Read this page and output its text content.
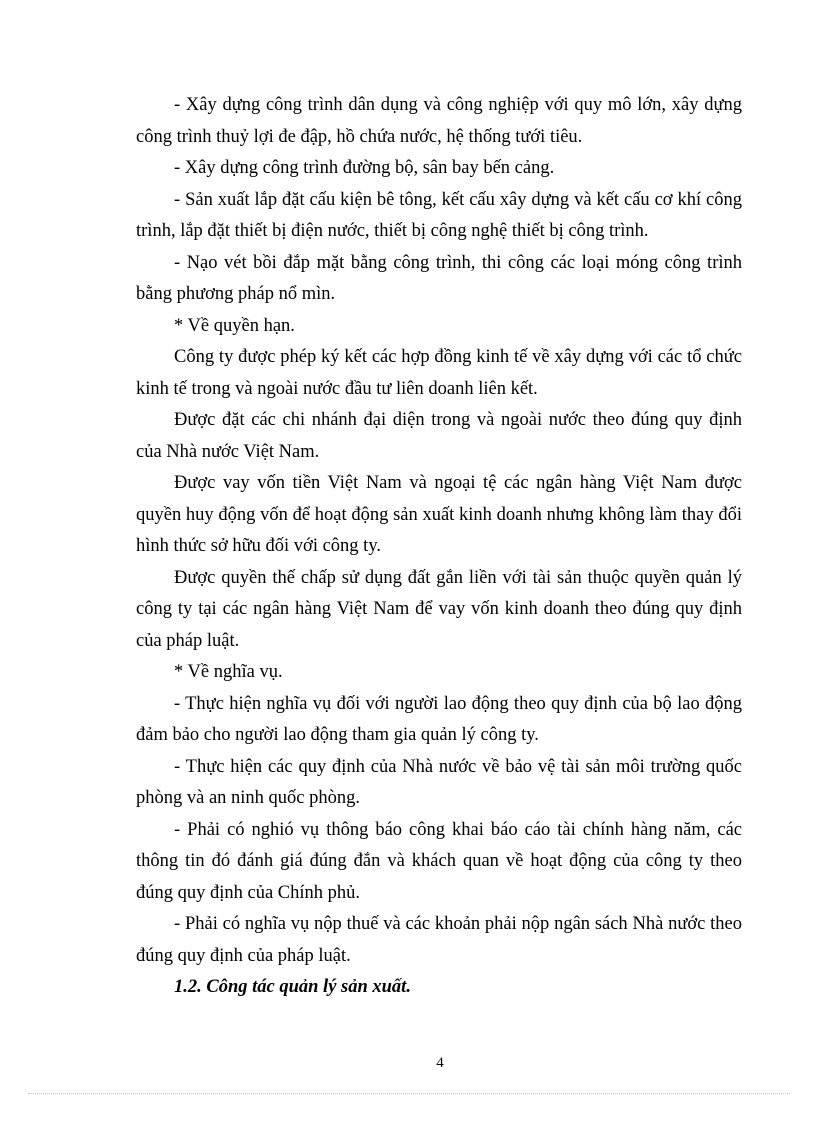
- Xây dựng công trình dân dụng và công nghiệp với quy mô lớn, xây dựng công trình thuỷ lợi đe đập, hồ chứa nước, hệ thống tưới tiêu.

- Xây dựng công trình đường bộ, sân bay bến cảng.

- Sản xuất lắp đặt cấu kiện bê tông, kết cấu xây dựng và kết cấu cơ khí công trình, lắp đặt thiết bị điện nước, thiết bị công nghệ thiết bị công trình.

- Nạo vét bồi đắp mặt bằng công trình, thi công các loại móng công trình bằng phương pháp nổ mìn.

* Về quyền hạn.

Công ty được phép ký kết các hợp đồng kinh tế về xây dựng với các tổ chức kinh tế trong và ngoài nước đầu tư liên doanh liên kết.

Được đặt các chi nhánh đại diện trong và ngoài nước theo đúng quy định của Nhà nước Việt Nam.

Được vay vốn tiền Việt Nam và ngoại tệ các ngân hàng Việt Nam được quyền huy động vốn để hoạt động sản xuất kinh doanh nhưng không làm thay đổi hình thức sở hữu đối với công ty.

Được quyền thế chấp sử dụng đất gắn liền với tài sản thuộc quyền quản lý công ty tại các ngân hàng Việt Nam để vay vốn kinh doanh theo đúng quy định của pháp luật.

* Về nghĩa vụ.

- Thực hiện nghĩa vụ đối với người lao động theo quy định của bộ lao động đảm bảo cho người lao động tham gia quản lý công ty.

- Thực hiện các quy định của Nhà nước về bảo vệ tài sản môi trường quốc phòng và an ninh quốc phòng.

- Phải có nghió vụ thông báo công khai báo cáo tài chính hàng năm, các thông tin đó đánh giá đúng đắn và khách quan về hoạt động của công ty theo đúng quy định của Chính phủ.

- Phải có nghĩa vụ nộp thuế và các khoản phải nộp ngân sách Nhà nước theo đúng quy định của pháp luật.

1.2. Công tác quản lý sản xuất.

4
